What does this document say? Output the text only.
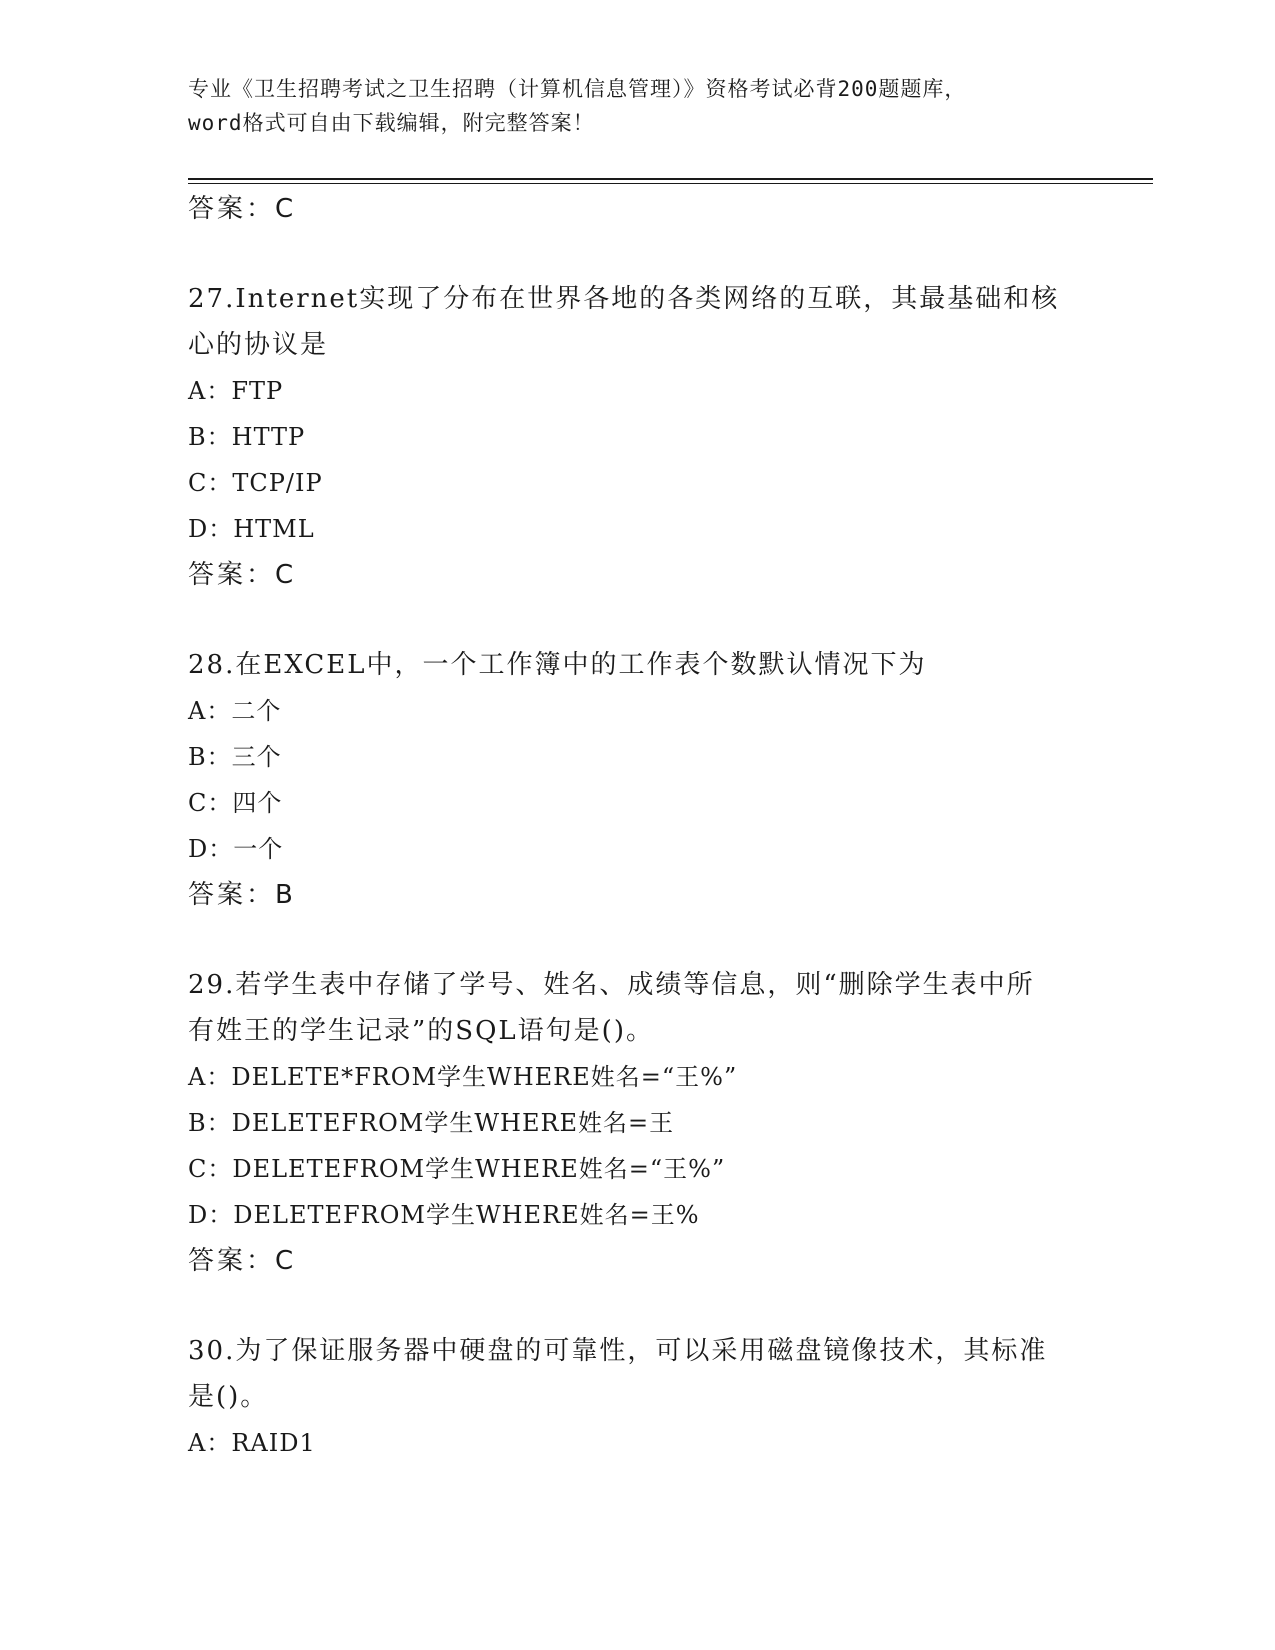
专业《卫生招聘考试之卫生招聘（计算机信息管理）》资格考试必背200题题库，
word格式可自由下载编辑，附完整答案！
答案：C
27.Internet实现了分布在世界各地的各类网络的互联，其最基础和核
心的协议是
A：FTP
B：HTTP
C：TCP/IP
D：HTML
答案：C
28.在EXCEL中，一个工作簿中的工作表个数默认情况下为
A：二个
B：三个
C：四个
D：一个
答案：B
29.若学生表中存储了学号、姓名、成绩等信息，则“删除学生表中所
有姓王的学生记录”的SQL语句是()。
A：DELETE*FROM学生WHERE姓名=“王%”
B：DELETEFROM学生WHERE姓名=王
C：DELETEFROM学生WHERE姓名=“王%”
D：DELETEFROM学生WHERE姓名=王%
答案：C
30.为了保证服务器中硬盘的可靠性，可以采用磁盘镜像技术，其标准
是()。
A：RAID1
